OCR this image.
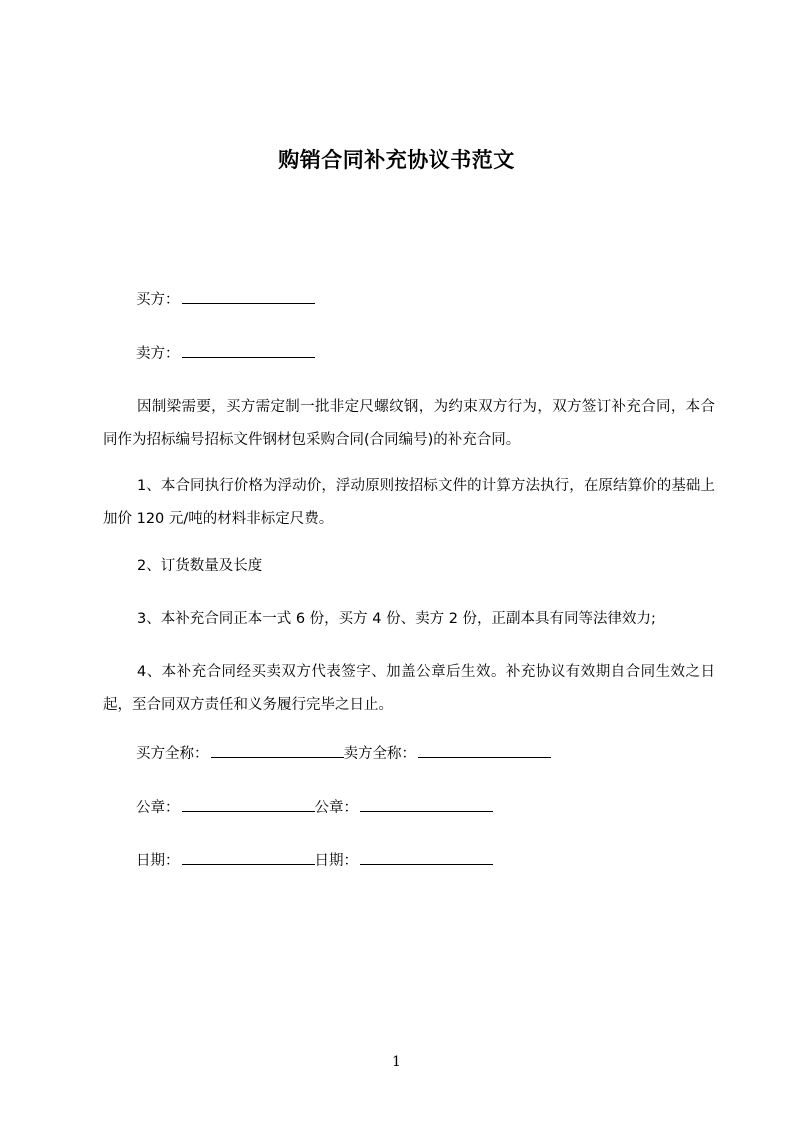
购销合同补充协议书范文
买方：
卖方：
因制梁需要，买方需定制一批非定尺螺纹钢，为约束双方行为，双方签订补充合同，本合同作为招标编号招标文件钢材包采购合同(合同编号)的补充合同。
1、本合同执行价格为浮动价，浮动原则按招标文件的计算方法执行，在原结算价的基础上加价 120 元/吨的材料非标定尺费。
2、订货数量及长度
3、本补充合同正本一式 6 份，买方 4 份、卖方 2 份，正副本具有同等法律效力;
4、本补充合同经买卖双方代表签字、加盖公章后生效。补充协议有效期自合同生效之日起，至合同双方责任和义务履行完毕之日止。
买方全称：	卖方全称：
公章：	公章：
日期：	日期：
1
